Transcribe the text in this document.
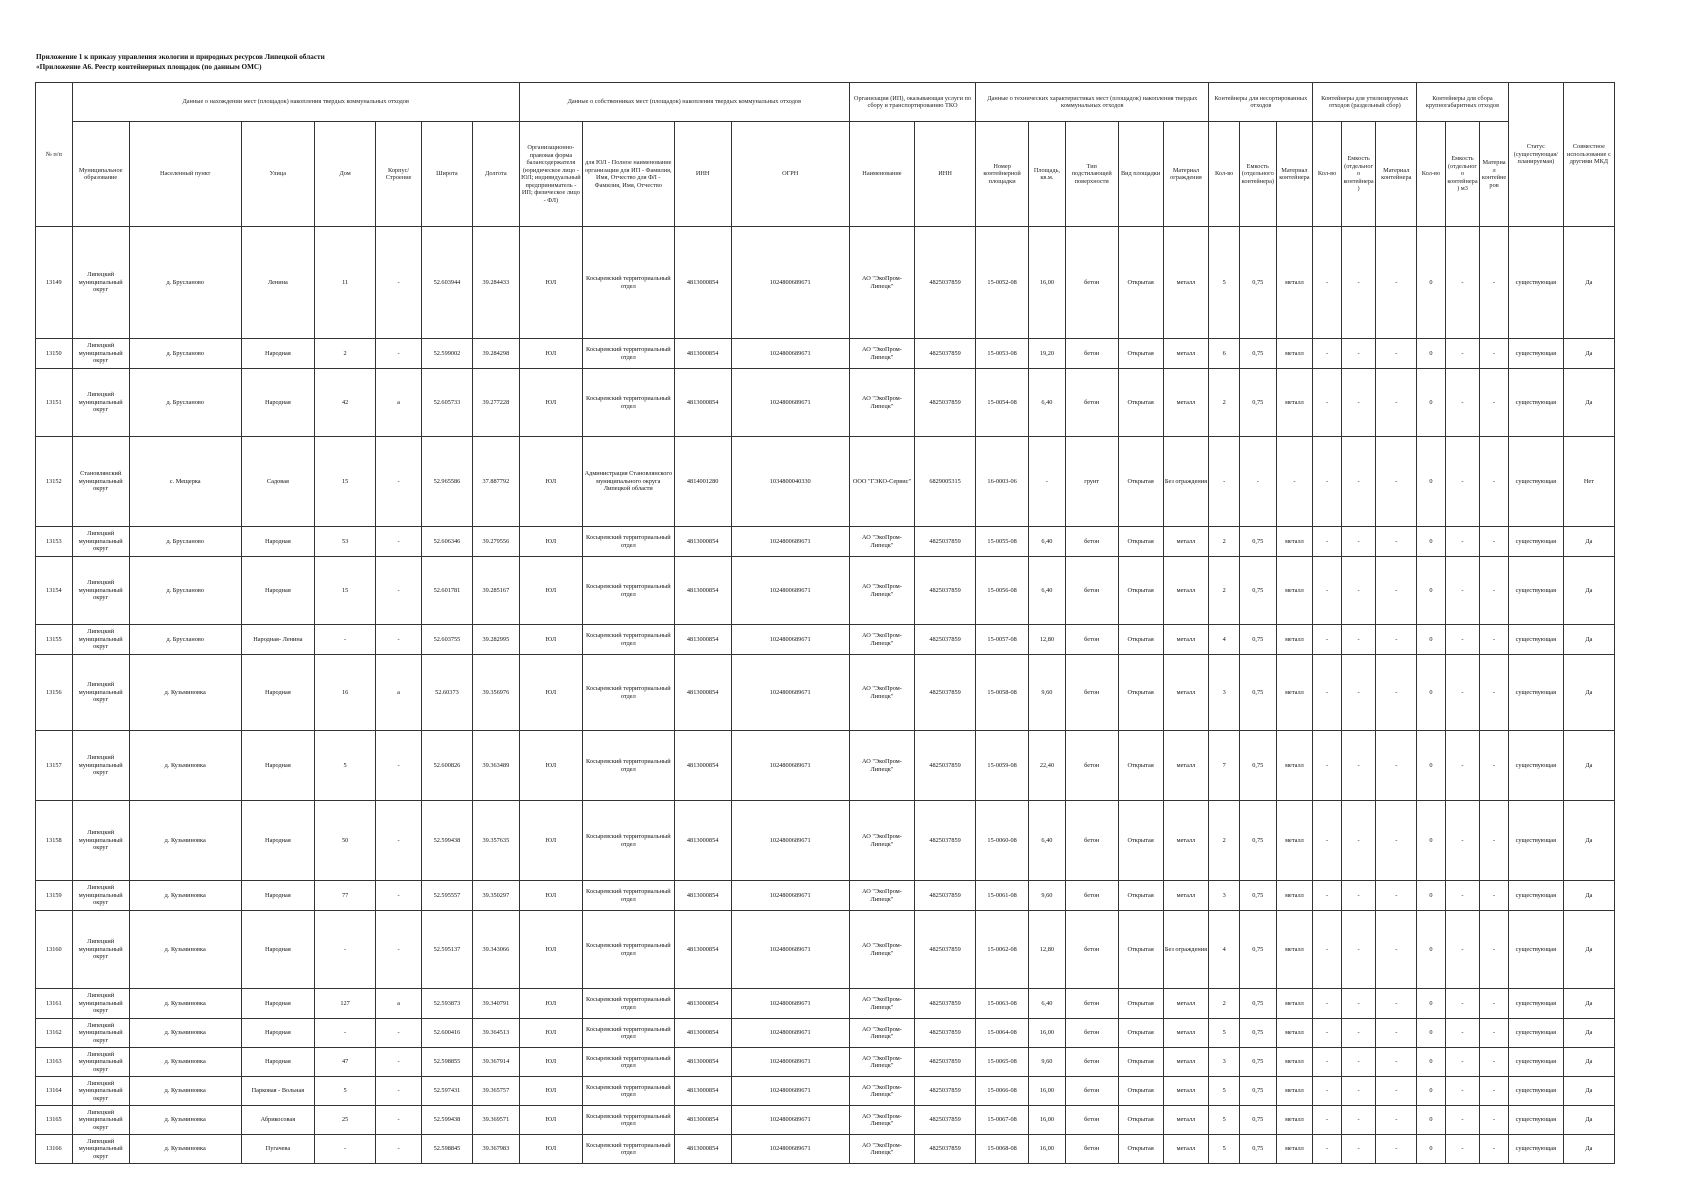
Приложение 1 к приказу управления экологии и природных ресурсов Липецкой области
«Приложение А6. Реестр контейнерных площадок (по данным ОМС)
№ п/п	Данные о нахождении мест (площадок) накопления твердых коммунальных отходов							Данные о собственниках мест (площадок) накопления твердых коммунальных отходов				Организация (ИП), оказывающая услуги по сбору и транспортированию ТКО		Данные о технических характеристиках мест (площадок) накопления твердых коммунальных отходов					Контейнеры для несортированных отходов			Контейнеры для утилизируемых отходов (раздельный сбор)			Контейнеры для сбора крупногабаритных отходов			Статус (существующая/ планируемая)	Совместное использование с другими МКД
	Муниципальное образование	Населенный пункт	Улица	Дом	Корпус/Строение	Широта	Долгота	Организационно-правовая форма балансодержателя (юридическое лицо - ЮЛ; индивидуальный предприниматель - ИП; физическое лицо - ФЛ)	для ЮЛ - Полное наименование организации для ИП - Фамилия, Имя, Отчество для ФЛ - Фамилия, Имя, Отчество	ИНН	ОГРН	Наименование	ИНН	Номер контейнерной площадки	Площадь, кв.м.	Тип подстилающей поверхности	Вид площадки	Материал ограждения	Кол-во	Емкость (отдельного контейнера)	Материал контейнера	Кол-во	Емкость (отдельного контейнера)	Материал контейнера	Кол-во	Емкость (отдельного контейнера) м3	Материал контейнеров		
13149	Липецкий муниципальный округ	д. Брусланово	Ленина	11	-	52.603944	39.284433	ЮЛ	Косыревский территориальный отдел	4813000854	1024800689671	АО "ЭкоПром-Липецк"	4825037859	15-0052-08	16,00	бетон	Открытая	металл	5	0,75	металл	-	-	-	0	-	-	существующая	Да
13150	Липецкий муниципальный округ	д. Брусланово	Народная	2	-	52.599002	39.284298	ЮЛ	Косыревский территориальный отдел	4813000854	1024800689671	АО "ЭкоПром-Липецк"	4825037859	15-0053-08	19,20	бетон	Открытая	металл	6	0,75	металл	-	-	-	0	-	-	существующая	Да
13151	Липецкий муниципальный округ	д. Брусланово	Народная	42	а	52.605733	39.277228	ЮЛ	Косыревский территориальный отдел	4813000854	1024800689671	АО "ЭкоПром-Липецк"	4825037859	15-0054-08	6,40	бетон	Открытая	металл	2	0,75	металл	-	-	-	0	-	-	существующая	Да
13152	Становлянский муниципальный округ	с. Мещерка	Садовая	15	-	52.965586	37.887792	ЮЛ	Администрация Становлянского муниципального округа Липецкой области	4814001280	1034800040330	ООО "ГЭКО-Сервис"	6829005315	16-0003-06	-	грунт	Открытая	Без ограждения	-	-	-	-	-	-	0	-	-	существующая	Нет
13153	Липецкий муниципальный округ	д. Брусланово	Народная	53	-	52.606346	39.279556	ЮЛ	Косыревский территориальный отдел	4813000854	1024800689671	АО "ЭкоПром-Липецк"	4825037859	15-0055-08	6,40	бетон	Открытая	металл	2	0,75	металл	-	-	-	0	-	-	существующая	Да
13154	Липецкий муниципальный округ	д. Брусланово	Народная	15	-	52.601781	39.285167	ЮЛ	Косыревский территориальный отдел	4813000854	1024800689671	АО "ЭкоПром-Липецк"	4825037859	15-0056-08	6,40	бетон	Открытая	металл	2	0,75	металл	-	-	-	0	-	-	существующая	Да
13155	Липецкий муниципальный округ	д. Брусланово	Народная- Ленина	-	-	52.603755	39.282995	ЮЛ	Косыревский территориальный отдел	4813000854	1024800689671	АО "ЭкоПром-Липецк"	4825037859	15-0057-08	12,80	бетон	Открытая	металл	4	0,75	металл	-	-	-	0	-	-	существующая	Да
13156	Липецкий муниципальный округ	д. Кузьминовка	Народная	16	а	52.60373	39.356976	ЮЛ	Косыревский территориальный отдел	4813000854	1024800689671	АО "ЭкоПром-Липецк"	4825037859	15-0058-08	9,60	бетон	Открытая	металл	3	0,75	металл	-	-	-	0	-	-	существующая	Да
13157	Липецкий муниципальный округ	д. Кузьминовка	Народная	5	-	52.600826	39.363489	ЮЛ	Косыревский территориальный отдел	4813000854	1024800689671	АО "ЭкоПром-Липецк"	4825037859	15-0059-08	22,40	бетон	Открытая	металл	7	0,75	металл	-	-	-	0	-	-	существующая	Да
13158	Липецкий муниципальный округ	д. Кузьминовка	Народная	50	-	52.599438	39.357635	ЮЛ	Косыревский территориальный отдел	4813000854	1024800689671	АО "ЭкоПром-Липецк"	4825037859	15-0060-08	6,40	бетон	Открытая	металл	2	0,75	металл	-	-	-	0	-	-	существующая	Да
13159	Липецкий муниципальный округ	д. Кузьминовка	Народная	77	-	52.595557	39.350297	ЮЛ	Косыревский территориальный отдел	4813000854	1024800689671	АО "ЭкоПром-Липецк"	4825037859	15-0061-08	9,60	бетон	Открытая	металл	3	0,75	металл	-	-	-	0	-	-	существующая	Да
13160	Липецкий муниципальный округ	д. Кузьминовка	Народная	-	-	52.595137	39.343066	ЮЛ	Косыревский территориальный отдел	4813000854	1024800689671	АО "ЭкоПром-Липецк"	4825037859	15-0062-08	12,80	бетон	Открытая	Без ограждения	4	0,75	металл	-	-	-	0	-	-	существующая	Да
13161	Липецкий муниципальный округ	д. Кузьминовка	Народная	127	а	52.593873	39.340791	ЮЛ	Косыревский территориальный отдел	4813000854	1024800689671	АО "ЭкоПром-Липецк"	4825037859	15-0063-08	6,40	бетон	Открытая	металл	2	0,75	металл	-	-	-	0	-	-	существующая	Да
13162	Липецкий муниципальный округ	д. Кузьминовка	Народная	-	-	52.600416	39.364513	ЮЛ	Косыревский территориальный отдел	4813000854	1024800689671	АО "ЭкоПром-Липецк"	4825037859	15-0064-08	16,00	бетон	Открытая	металл	5	0,75	металл	-	-	-	0	-	-	существующая	Да
13163	Липецкий муниципальный округ	д. Кузьминовка	Народная	47	-	52.598855	39.367914	ЮЛ	Косыревский территориальный отдел	4813000854	1024800689671	АО "ЭкоПром-Липецк"	4825037859	15-0065-08	9,60	бетон	Открытая	металл	3	0,75	металл	-	-	-	0	-	-	существующая	Да
13164	Липецкий муниципальный округ	д. Кузьминовка	Парковая - Вольная	5	-	52.597431	39.365757	ЮЛ	Косыревский территориальный отдел	4813000854	1024800689671	АО "ЭкоПром-Липецк"	4825037859	15-0066-08	16,00	бетон	Открытая	металл	5	0,75	металл	-	-	-	0	-	-	существующая	Да
13165	Липецкий муниципальный округ	д. Кузьминовка	Абрикосовая	25	-	52.599438	39.369571	ЮЛ	Косыревский территориальный отдел	4813000854	1024800689671	АО "ЭкоПром-Липецк"	4825037859	15-0067-08	16,00	бетон	Открытая	металл	5	0,75	металл	-	-	-	0	-	-	существующая	Да
13166	Липецкий муниципальный округ	д. Кузьминовка	Пугачева	-	-	52.598845	39.367983	ЮЛ	Косыревский территориальный отдел	4813000854	1024800689671	АО "ЭкоПром-Липецк"	4825037859	15-0068-08	16,00	бетон	Открытая	металл	5	0,75	металл	-	-	-	0	-	-	существующая	Да
